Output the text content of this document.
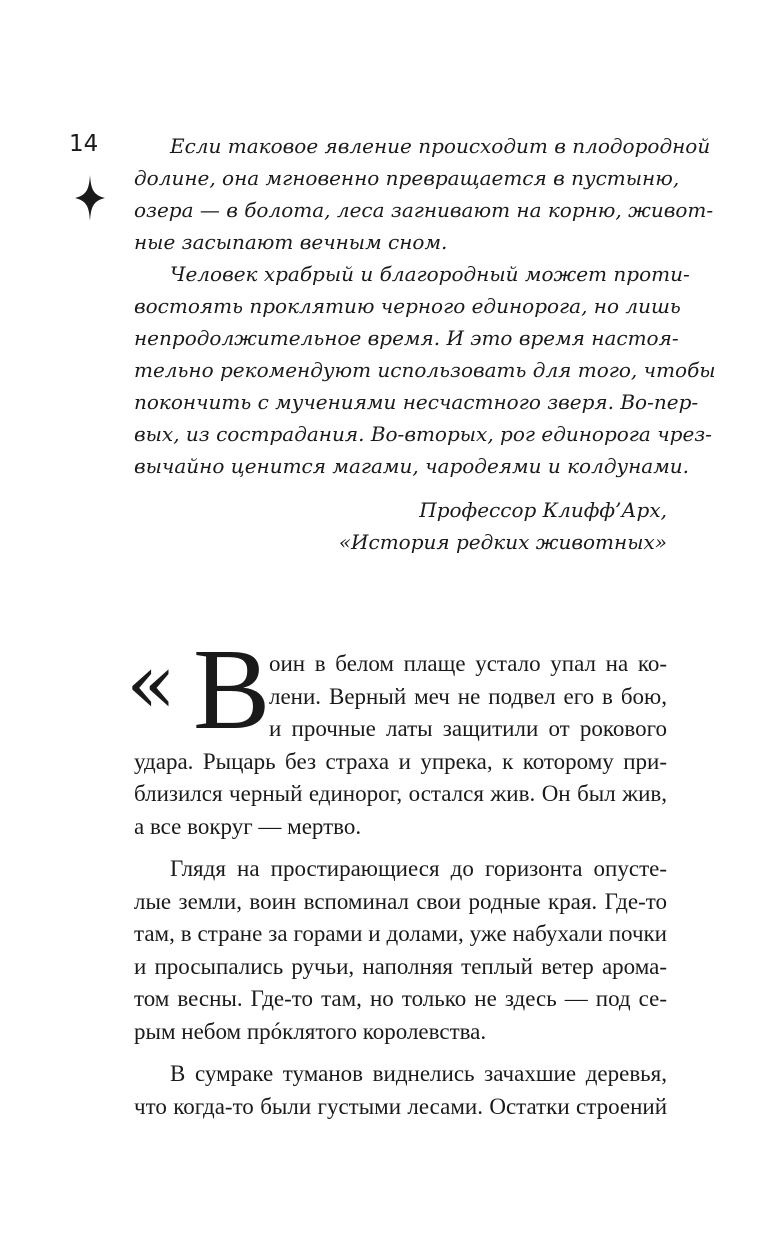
14	Если таковое явление происходит в плодородной
долине, она мгновенно превращается в пустыню,
озера — в болота, леса загнивают на корню, живот-
ные засыпают вечным сном.

Человек храбрый и благородный может проти-
востоять проклятию черного единорога, но лишь
непродолжительное время. И это время настоя-
тельно рекомендуют использовать для того, чтобы
покончить с мучениями несчастного зверя. Во-пер-
вых, из сострадания. Во-вторых, рог единорога чрез-
вычайно ценится магами, чародеями и колдунами.

Профессор Клифф’Арх,
«История редких животных»
« В

оин в белом плаще устало упал на ко-
лени. Верный меч не подвел его в бою,
и прочные латы защитили от рокового
удара. Рыцарь без страха и упрека, к которому при-
близился черный единорог, остался жив. Он был жив,
а все вокруг — мертво.

Глядя на простирающиеся до горизонта опусте-
лые земли, воин вспоминал свои родные края. Где-то
там, в стране за горами и долами, уже набухали почки
и просыпались ручьи, наполняя теплый ветер арома-
том весны. Где-то там, но только не здесь — под се-
рым небом прóклятого королевства.

В сумраке туманов виднелись зачахшие деревья,
что когда-то были густыми лесами. Остатки строений
